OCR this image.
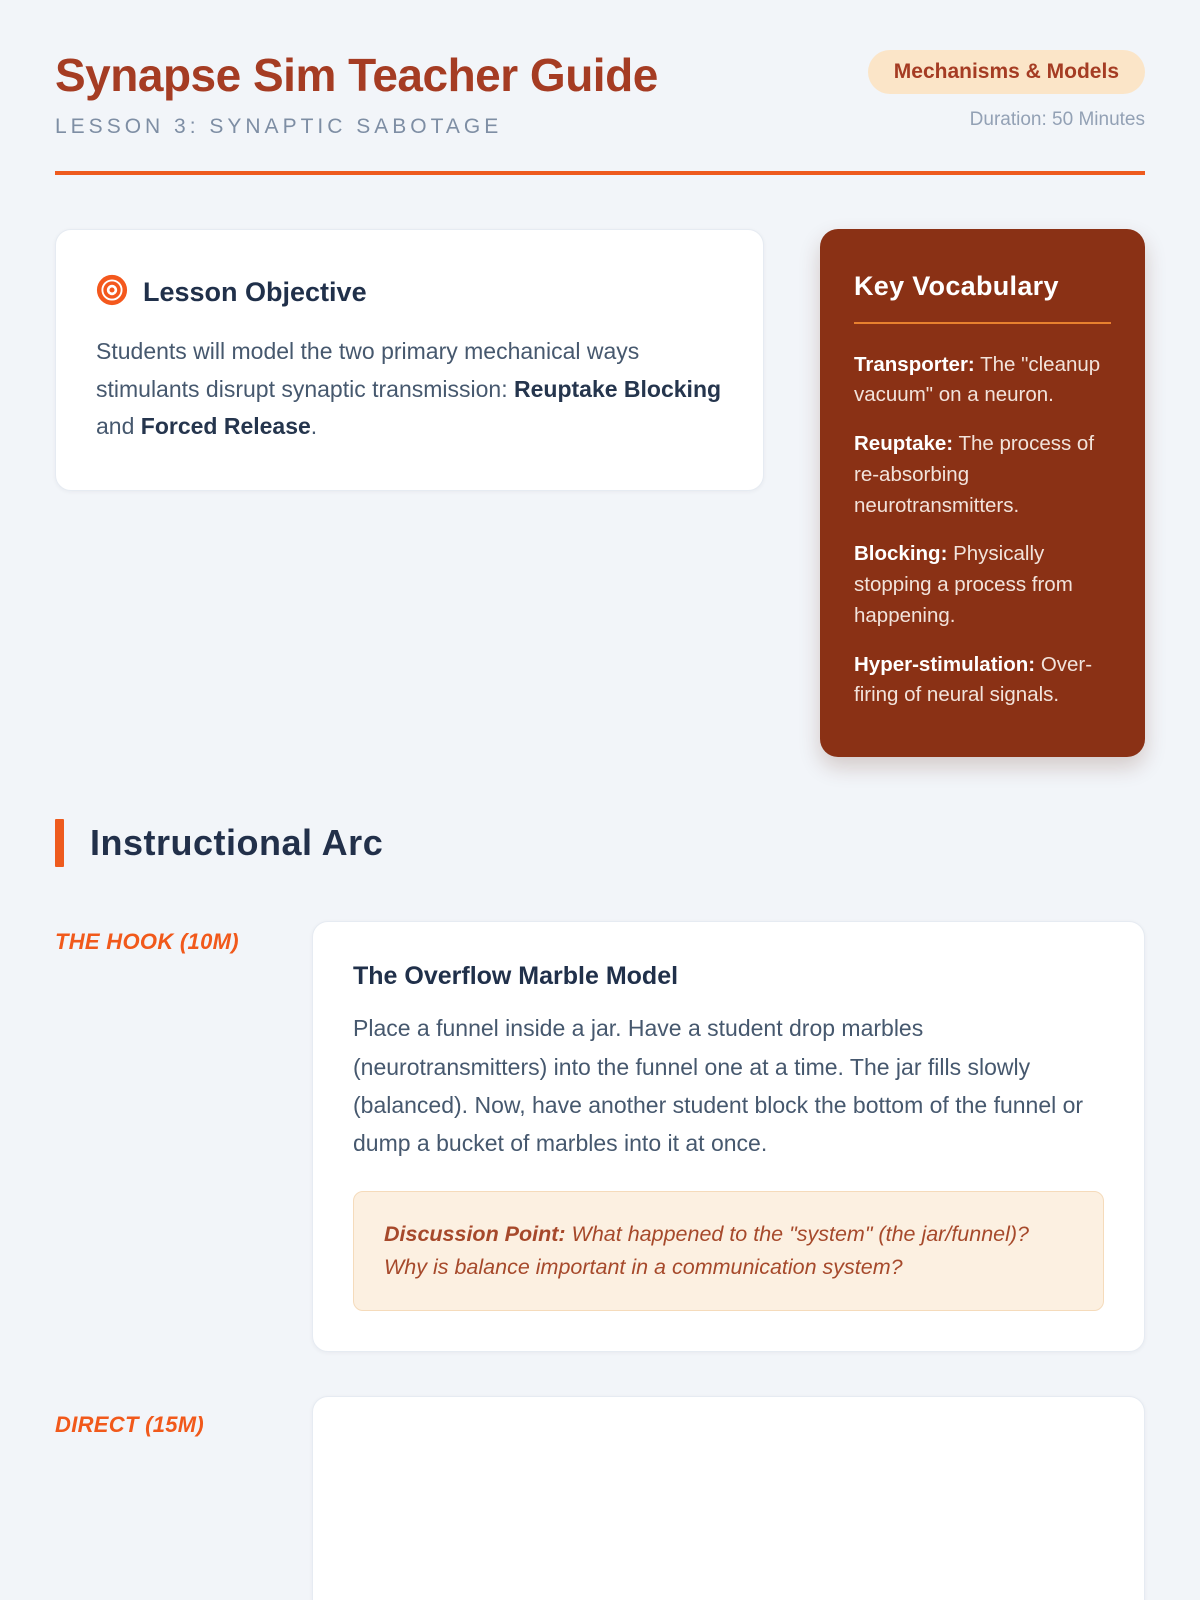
Synapse Sim Teacher Guide
LESSON 3: SYNAPTIC SABOTAGE
Mechanisms & Models
Duration: 50 Minutes
Lesson Objective

Students will model the two primary mechanical ways stimulants disrupt synaptic transmission: Reuptake Blocking and Forced Release.

Key Vocabulary

Transporter: The "cleanup vacuum" on a neuron.

Reuptake: The process of re-absorbing neurotransmitters.

Blocking: Physically stopping a process from happening.

Hyper-stimulation: Over-firing of neural signals.

Instructional Arc
THE HOOK (10M)
The Overflow Marble Model

Place a funnel inside a jar. Have a student drop marbles (neurotransmitters) into the funnel one at a time. The jar fills slowly (balanced). Now, have another student block the bottom of the funnel or dump a bucket of marbles into it at once.

Discussion Point: What happened to the "system" (the jar/funnel)? Why is balance important in a communication system?
DIRECT (15M)
